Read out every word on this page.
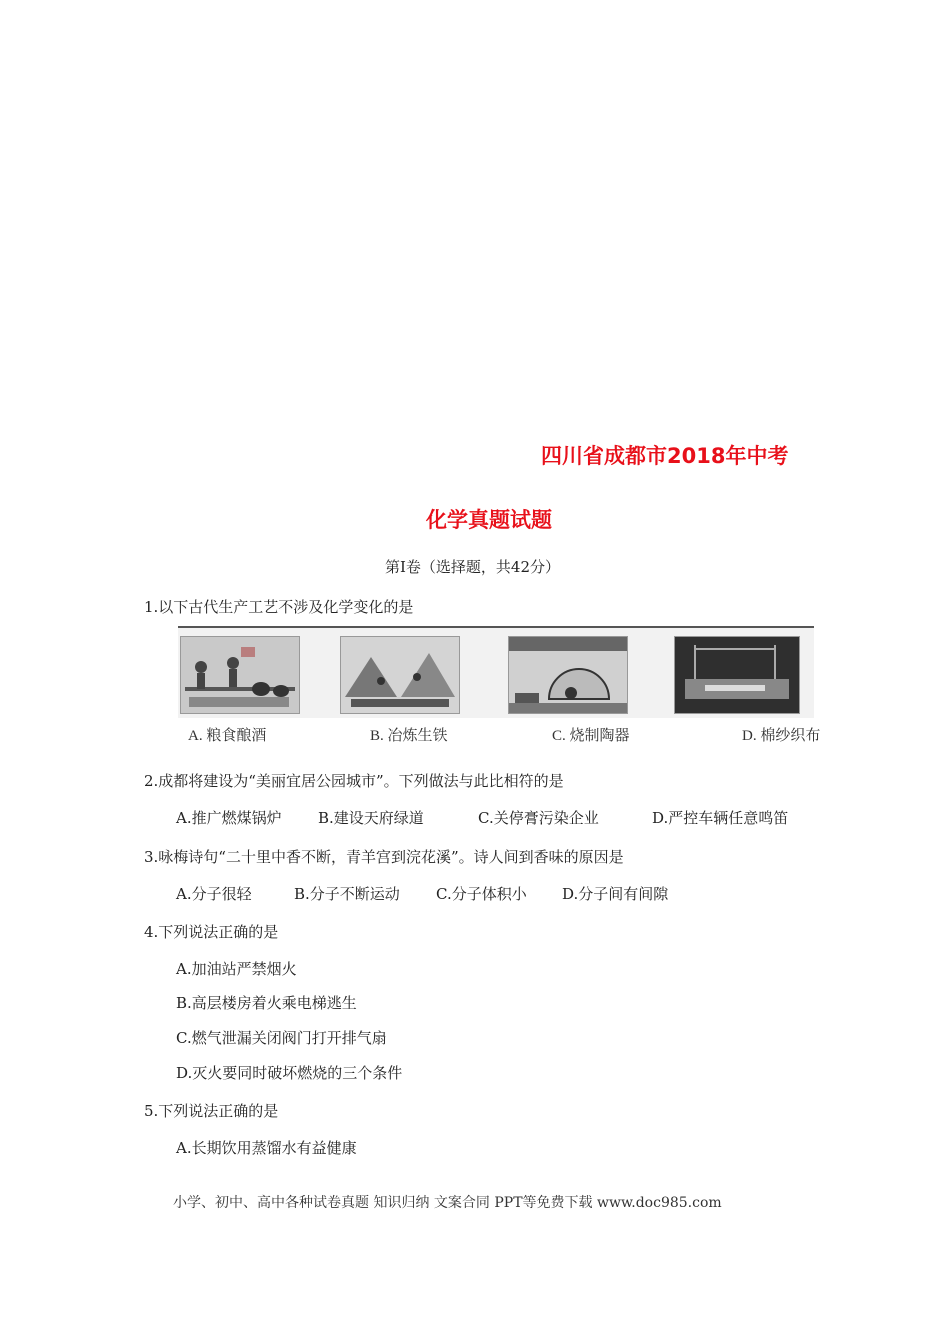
四川省成都市2018年中考
化学真题试题
第Ⅰ卷（选择题，共42分）
1.以下古代生产工艺不涉及化学变化的是
A. 粮食酿酒	B. 冶炼生铁	C. 烧制陶器	D. 棉纱织布
2.成都将建设为“美丽宜居公园城市”。下列做法与此比相符的是
A.推广燃煤锅炉 B.建设天府绿道	C.关停膏污染企业	D.严控车辆任意鸣笛
3.咏梅诗句“二十里中香不断，青羊宫到浣花溪”。诗人间到香味的原因是
A.分子很轻	B.分子不断运动 C.分子体积小 D.分子间有间隙
4.下列说法正确的是
A.加油站严禁烟火
B.高层楼房着火乘电梯逃生
C.燃气泄漏关闭阀门打开排气扇
D.灭火要同时破坏燃烧的三个条件
5.下列说法正确的是
A.长期饮用蒸馏水有益健康
小学、初中、高中各种试卷真题 知识归纳 文案合同 PPT等免费下载 www.doc985.com
